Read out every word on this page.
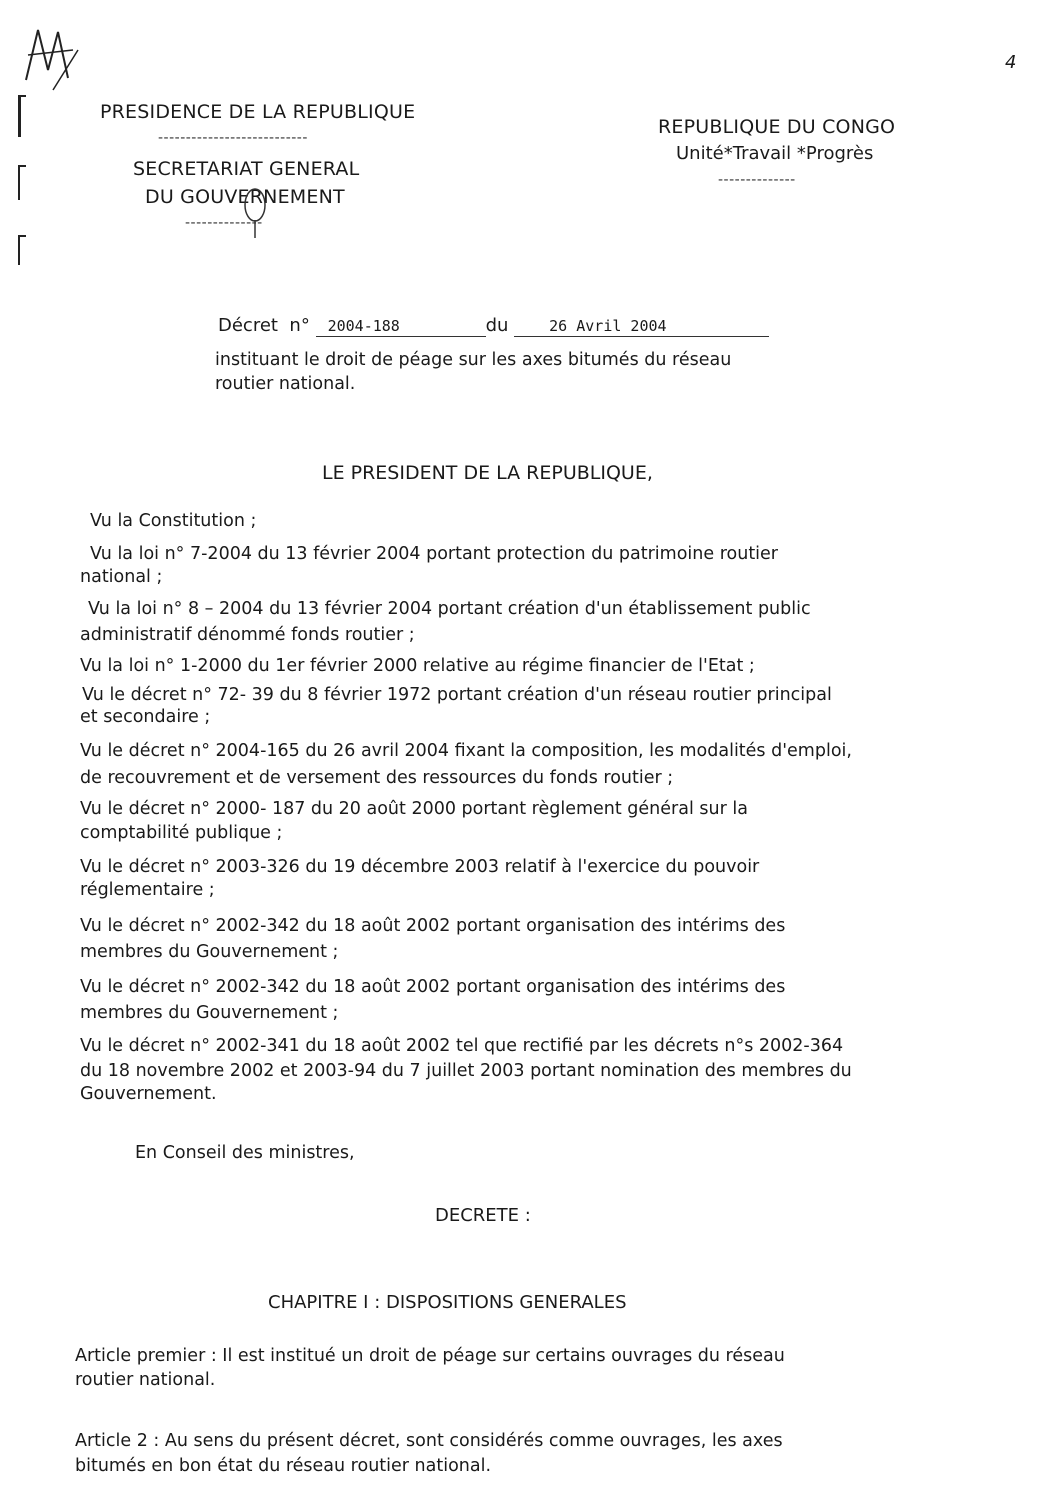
4
PRESIDENCE DE LA REPUBLIQUE
---------------------------
SECRETARIAT GENERAL
DU GOUVERNEMENT
--------------
REPUBLIQUE DU CONGO
Unité*Travail *Progrès
--------------
Décret n° 2004-188	du	26 Avril 2004
instituant le droit de péage sur les axes bitumés du réseau
routier national.
LE PRESIDENT DE LA REPUBLIQUE,
Vu la Constitution ;
Vu la loi n° 7-2004 du 13 février 2004 portant protection du patrimoine routier
national ;
Vu la loi n° 8 – 2004 du 13 février 2004 portant création d'un établissement public
administratif dénommé fonds routier ;
Vu la loi n° 1-2000 du 1er février 2000 relative au régime financier de l'Etat ;
Vu le décret n° 72- 39 du 8 février 1972 portant création d'un réseau routier principal
et secondaire ;
Vu le décret n° 2004-165 du 26 avril 2004 fixant la composition, les modalités d'emploi,
de recouvrement et de versement des ressources du fonds routier ;
Vu le décret n° 2000- 187 du 20 août 2000 portant règlement général sur la
comptabilité publique ;
Vu le décret n° 2003-326 du 19 décembre 2003 relatif à l'exercice du pouvoir
réglementaire ;
Vu le décret n° 2002-342 du 18 août 2002 portant organisation des intérims des
membres du Gouvernement ;
Vu le décret n° 2002-342 du 18 août 2002 portant organisation des intérims des
membres du Gouvernement ;
Vu le décret n° 2002-341 du 18 août 2002 tel que rectifié par les décrets n°s 2002-364
du 18 novembre 2002 et 2003-94 du 7 juillet 2003 portant nomination des membres du
Gouvernement.
En Conseil des ministres,
DECRETE :
CHAPITRE I : DISPOSITIONS GENERALES
Article premier : Il est institué un droit de péage sur certains ouvrages du réseau
routier national.
Article 2 : Au sens du présent décret, sont considérés comme ouvrages, les axes
bitumés en bon état du réseau routier national.
